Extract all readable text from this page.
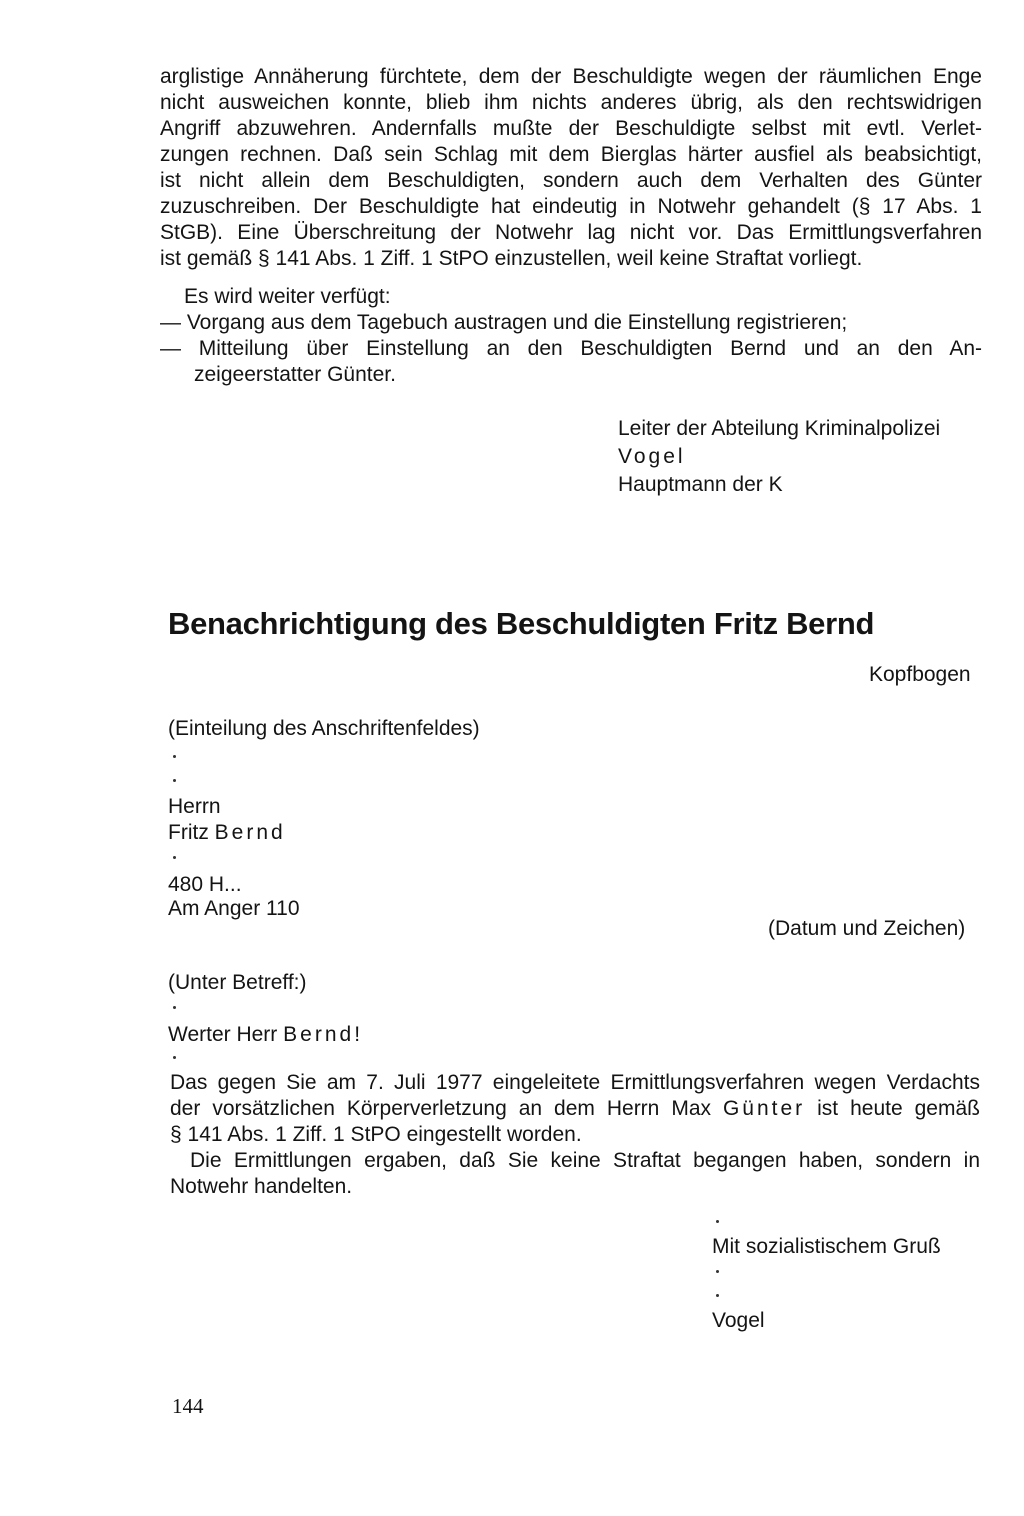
arglistige Annäherung fürchtete, dem der Beschuldigte wegen der räumlichen Enge
nicht ausweichen konnte, blieb ihm nichts anderes übrig, als den rechtswidrigen
Angriff abzuwehren. Andernfalls mußte der Beschuldigte selbst mit evtl. Verlet-
zungen rechnen. Daß sein Schlag mit dem Bierglas härter ausfiel als beabsichtigt,
ist nicht allein dem Beschuldigten, sondern auch dem Verhalten des Günter
zuzuschreiben. Der Beschuldigte hat eindeutig in Notwehr gehandelt (§ 17 Abs. 1
StGB). Eine Überschreitung der Notwehr lag nicht vor. Das Ermittlungsverfahren
ist gemäß § 141 Abs. 1 Ziff. 1 StPO einzustellen, weil keine Straftat vorliegt.
Es wird weiter verfügt:
— Vorgang aus dem Tagebuch austragen und die Einstellung registrieren;
— Mitteilung über Einstellung an den Beschuldigten Bernd und an den An-
zeigeerstatter Günter.
Leiter der Abteilung Kriminalpolizei
Vogel
Hauptmann der K
Benachrichtigung des Beschuldigten Fritz Bernd
Kopfbogen
(Einteilung des Anschriftenfeldes)
Herrn
Fritz Bernd
480 H...
Am Anger 110
(Datum und Zeichen)
(Unter Betreff:)
Werter Herr Bernd!
Das gegen Sie am 7. Juli 1977 eingeleitete Ermittlungsverfahren wegen Verdachts
der vorsätzlichen Körperverletzung an dem Herrn Max Günter ist heute gemäß
§ 141 Abs. 1 Ziff. 1 StPO eingestellt worden.
Die Ermittlungen ergaben, daß Sie keine Straftat begangen haben, sondern in
Notwehr handelten.
Mit sozialistischem Gruß
Vogel
144
